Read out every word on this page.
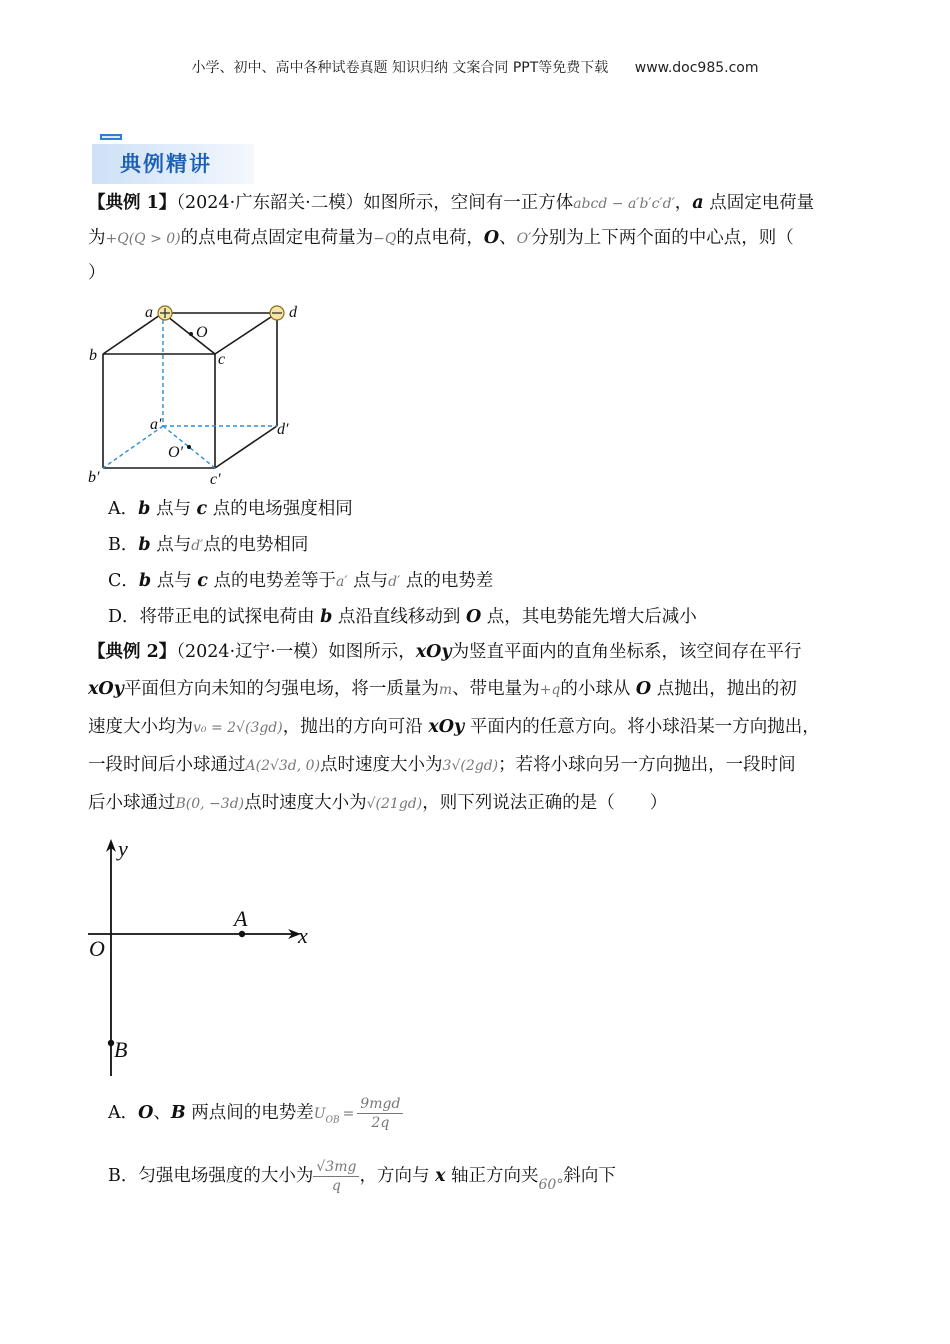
小学、初中、高中各种试卷真题 知识归纳 文案合同 PPT等免费下载 www.doc985.com
典例精讲
【典例 1】（2024·广东韶关·二模）如图所示，空间有一正方体abcd − a′b′c′d′，a 点固定电荷量
为+Q(Q > 0)的点电荷点固定电荷量为−Q的点电荷，O、O′分别为上下两个面的中心点，则（
）
a	d
O
b	c
a′	d′
O′
b′	c′
A．b 点与 c 点的电场强度相同
B．b 点与d′点的电势相同
C．b 点与 c 点的电势差等于a′ 点与d′ 点的电势差
D．将带正电的试探电荷由 b 点沿直线移动到 O 点，其电势能先增大后减小
【典例 2】（2024·辽宁·一模）如图所示，xOy为竖直平面内的直角坐标系，该空间存在平行
xOy平面但方向未知的匀强电场，将一质量为m、带电量为+q的小球从 O 点抛出，抛出的初
速度大小均为v₀ = 2√(3gd)，抛出的方向可沿 xOy 平面内的任意方向。将小球沿某一方向抛出，
一段时间后小球通过A(2√3d, 0)点时速度大小为3√(2gd)；若将小球向另一方向抛出，一段时间
后小球通过B(0, −3d)点时速度大小为√(21gd)，则下列说法正确的是（　　）
y
x
O
A
B
A．O、B 两点间的电势差$U_{OB}$ =
9mgd
2q
B．匀强电场强度的大小为 $\frac{√3mg}{q}$ ，方向与 x 轴正方向夹$_{60^\circ}$斜向下
